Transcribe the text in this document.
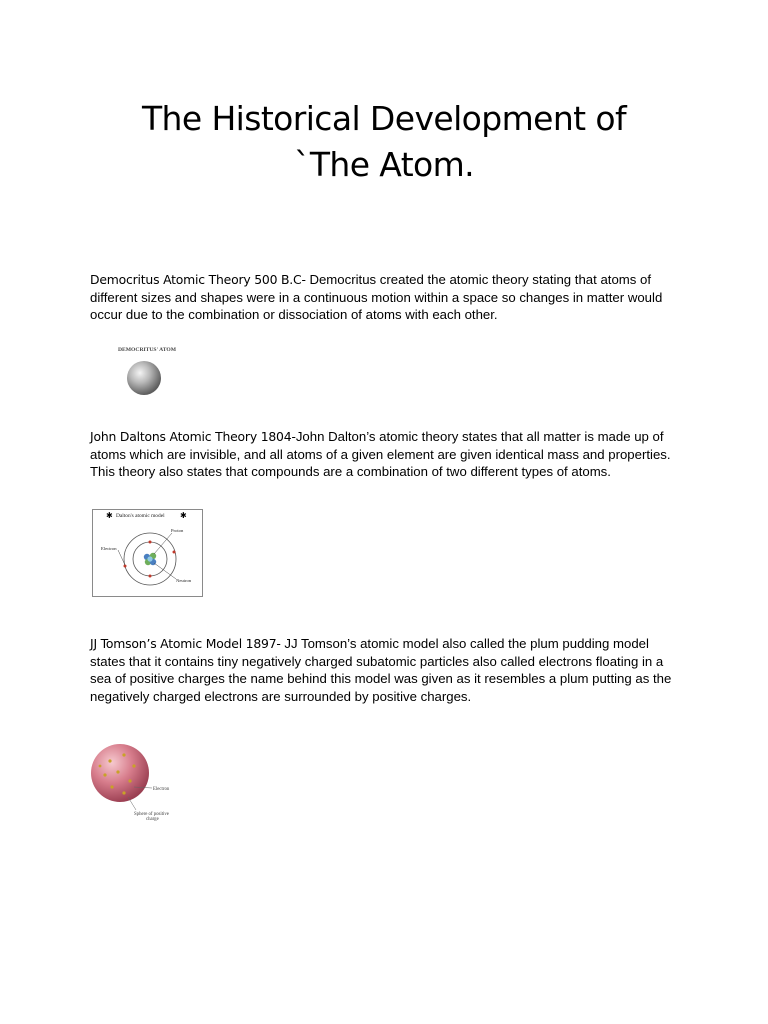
The Historical Development of
`The Atom.
Democritus Atomic Theory 500 B.C- Democritus created the atomic theory stating that atoms of different sizes and shapes were in a continuous motion within a space so changes in matter would occur due to the combination or dissociation of atoms with each other.
DEMOCRITUS' ATOM
John Daltons Atomic Theory 1804-John Dalton’s atomic theory states that all matter is made up of atoms which are invisible, and all atoms of a given element are given identical mass and properties. This theory also states that compounds are a combination of two different types of atoms.
✱ Dalton's atomic model ✱
Proton
Electron
Neutron
JJ Tomson’s Atomic Model 1897- JJ Tomson’s atomic model also called the plum pudding model states that it contains tiny negatively charged subatomic particles also called electrons floating in a sea of positive charges the name behind this model was given as it resembles a plum putting as the negatively charged electrons are surrounded by positive charges.
Electron
Sphere of positive
charge
